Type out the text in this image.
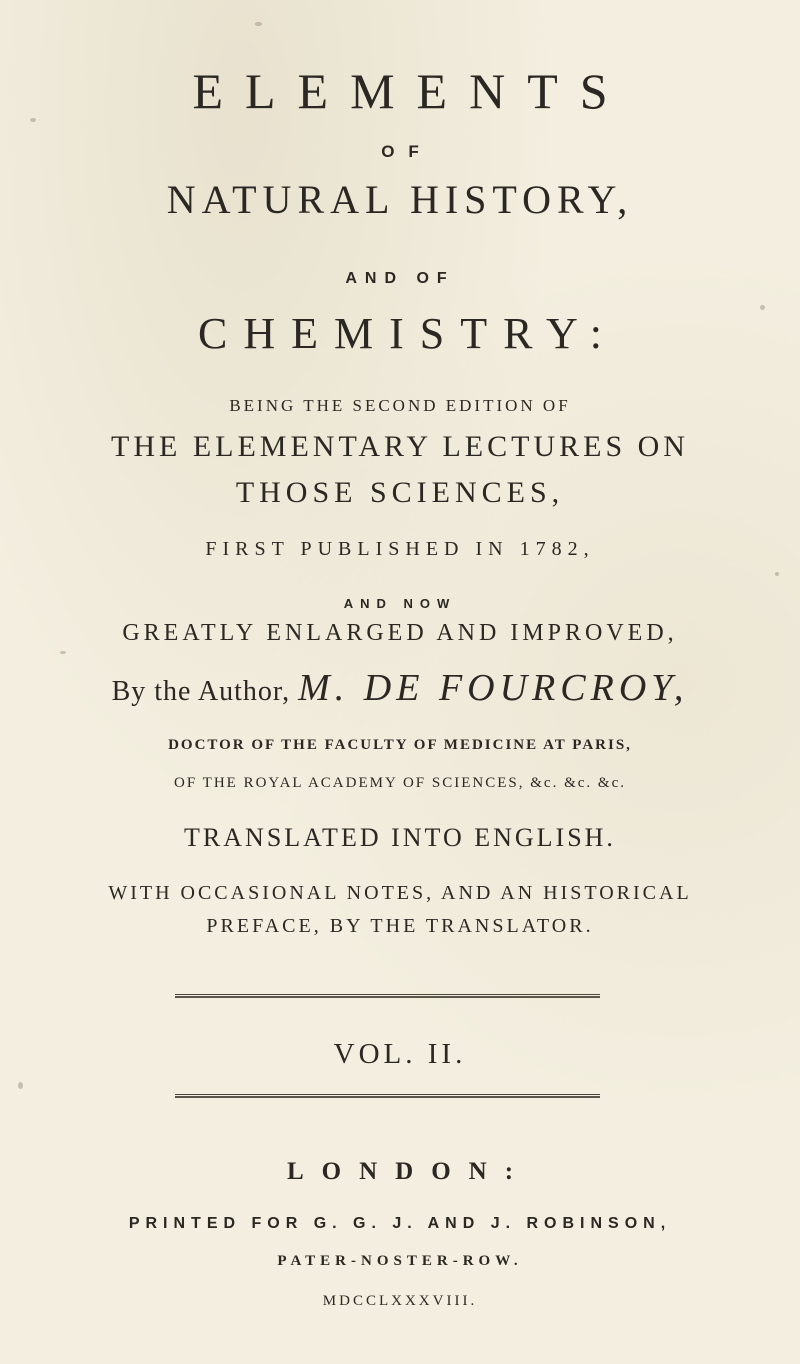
ELEMENTS
OF
NATURAL HISTORY,
AND OF
CHEMISTRY:
BEING THE SECOND EDITION OF
THE ELEMENTARY LECTURES ON
THOSE SCIENCES,
FIRST PUBLISHED IN 1782,
AND NOW
GREATLY ENLARGED AND IMPROVED,
By the Author, M. DE FOURCROY,
DOCTOR OF THE FACULTY OF MEDICINE AT PARIS,
OF THE ROYAL ACADEMY OF SCIENCES, &c. &c. &c.
TRANSLATED INTO ENGLISH.
WITH OCCASIONAL NOTES, AND AN HISTORICAL
PREFACE, BY THE TRANSLATOR.
VOL. II.
LONDON:
PRINTED FOR G. G. J. AND J. ROBINSON,
PATER-NOSTER-ROW.
MDCCLXXXVIII.
